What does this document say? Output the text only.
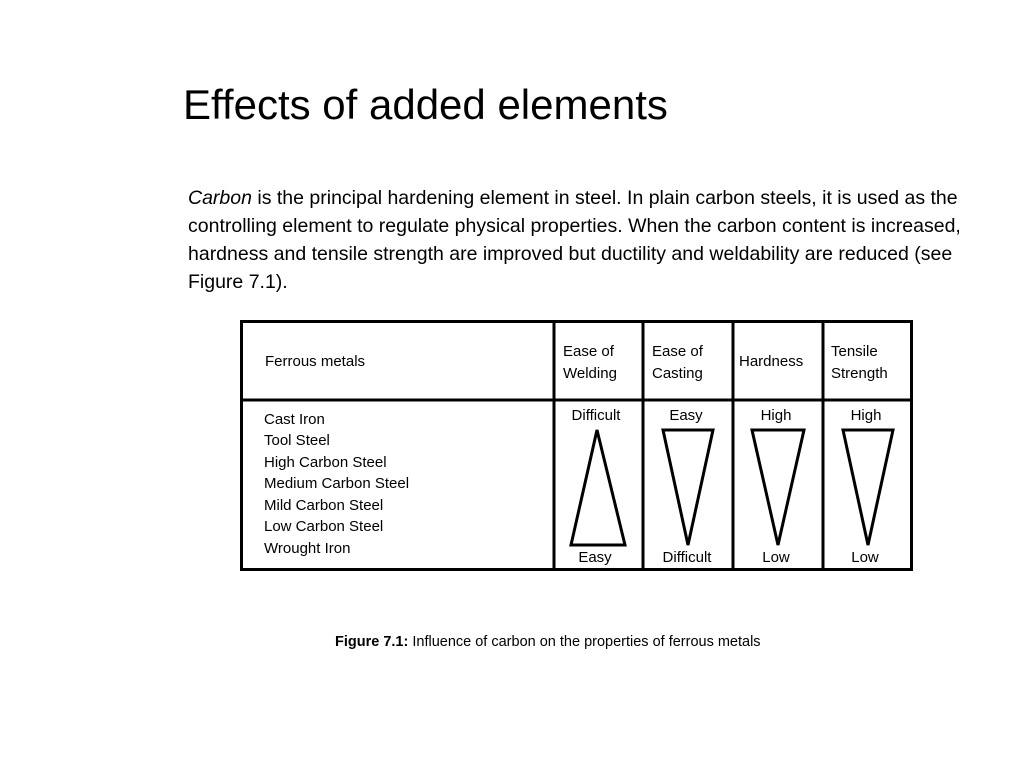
Effects of added elements

Carbon is the principal hardening element in steel. In plain carbon steels, it is used as the controlling element to regulate physical properties. When the carbon content is increased, hardness and tensile strength are improved but ductility and weldability are reduced (see Figure 7.1).

Ferrous metals
Ease of
Welding
Ease of
Casting
Hardness
Tensile
Strength
Cast Iron
Tool Steel
High Carbon Steel
Medium Carbon Steel
Mild Carbon Steel
Low Carbon Steel
Wrought Iron
Difficult
Easy
Easy
Difficult
High
Low
High
Low

Figure 7.1: Influence of carbon on the properties of ferrous metals
